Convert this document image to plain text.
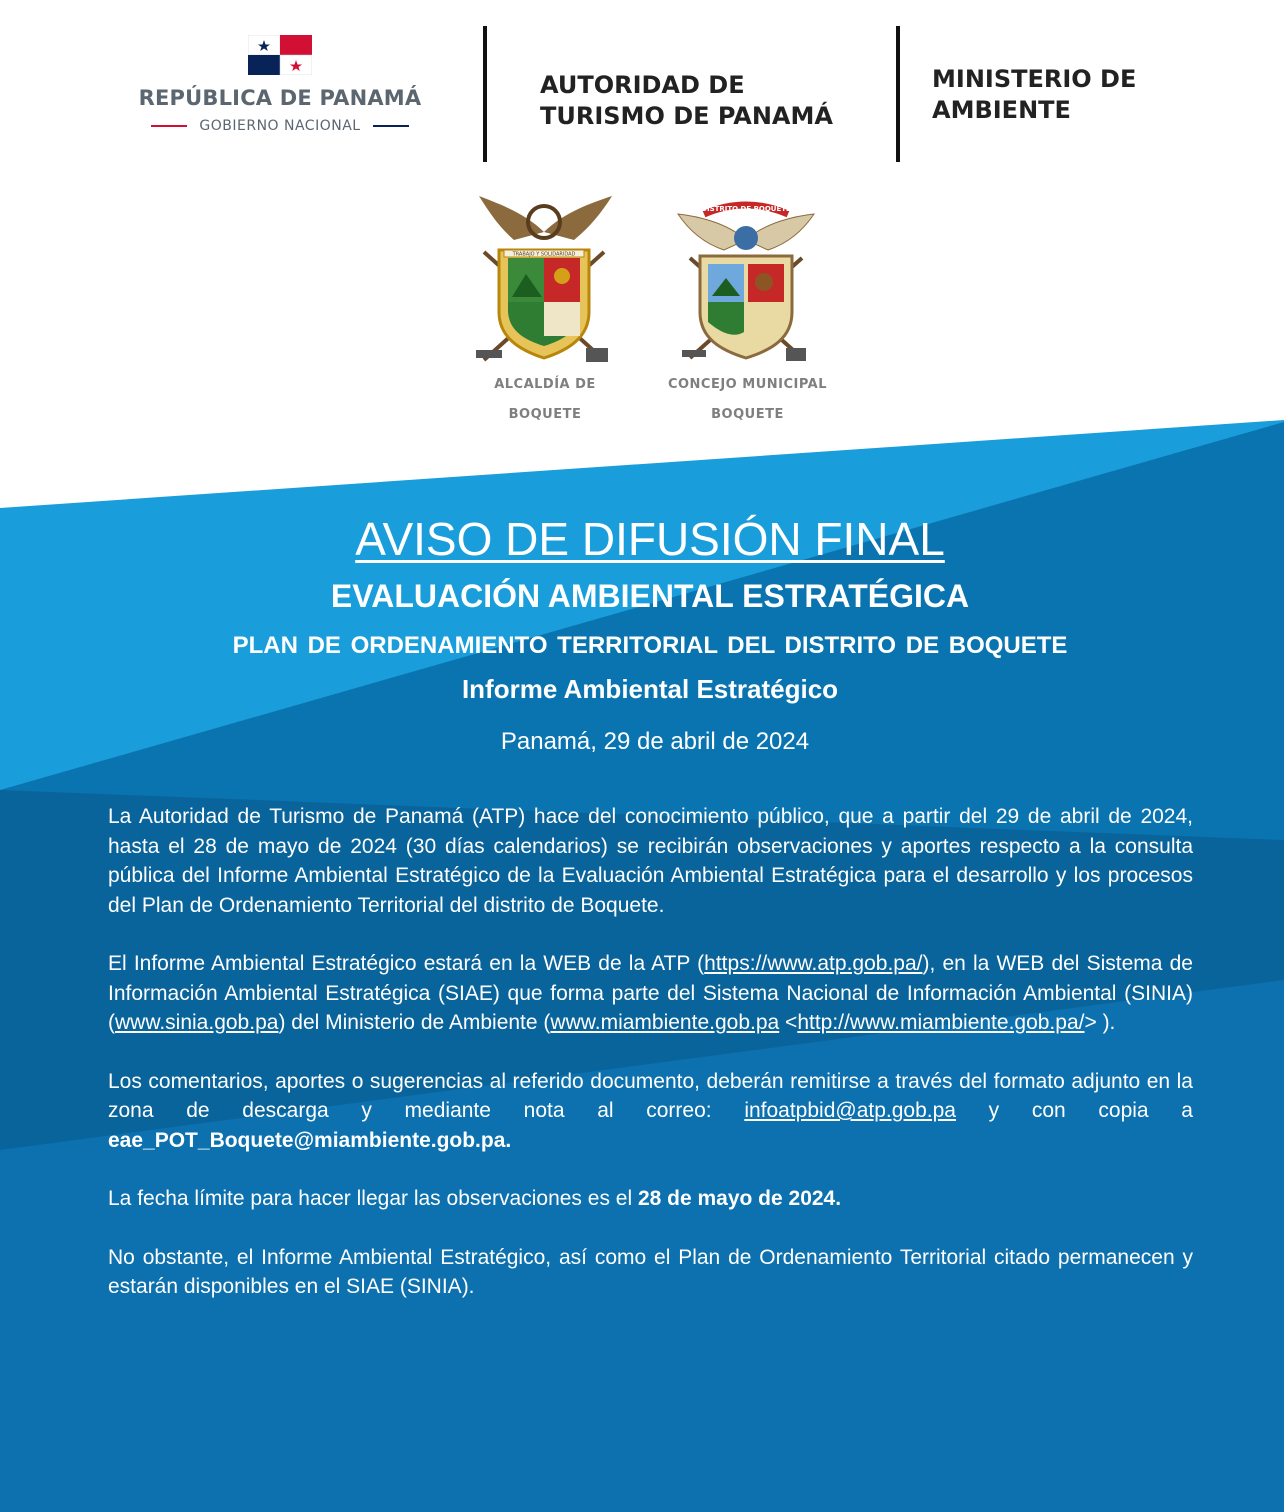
REPÚBLICA DE PANAMÁ
GOBIERNO NACIONAL
AUTORIDAD DE
TURISMO DE PANAMÁ
MINISTERIO DE
AMBIENTE
TRABAJO Y SOLIDARIDAD
DISTRITO DE BOQUETE
ALCALDÍA DE
BOQUETE
CONCEJO MUNICIPAL
BOQUETE
AVISO DE DIFUSIÓN FINAL
EVALUACIÓN AMBIENTAL ESTRATÉGICA
PLAN DE ORDENAMIENTO TERRITORIAL DEL DISTRITO DE BOQUETE
Informe Ambiental Estratégico
Panamá, 29 de abril de 2024

La Autoridad de Turismo de Panamá (ATP) hace del conocimiento público, que a partir del 29 de abril de 2024, hasta el 28 de mayo de 2024 (30 días calendarios) se recibirán observaciones y aportes respecto a la consulta pública del Informe Ambiental Estratégico de la Evaluación Ambiental Estratégica para el desarrollo y los procesos del Plan de Ordenamiento Territorial del distrito de Boquete.

El Informe Ambiental Estratégico estará en la WEB de la ATP (https://www.atp.gob.pa/), en la WEB del Sistema de Información Ambiental Estratégica (SIAE) que forma parte del Sistema Nacional de Información Ambiental (SINIA) (www.sinia.gob.pa) del Ministerio de Ambiente (www.miambiente.gob.pa <http://www.miambiente.gob.pa/> ).

Los comentarios, aportes o sugerencias al referido documento, deberán remitirse a través del formato adjunto en la zona de descarga y mediante nota al correo: infoatpbid@atp.gob.pa y con copia a eae_POT_Boquete@miambiente.gob.pa.

La fecha límite para hacer llegar las observaciones es el 28 de mayo de 2024.

No obstante, el Informe Ambiental Estratégico, así como el Plan de Ordenamiento Territorial citado permanecen y estarán disponibles en el SIAE (SINIA).
